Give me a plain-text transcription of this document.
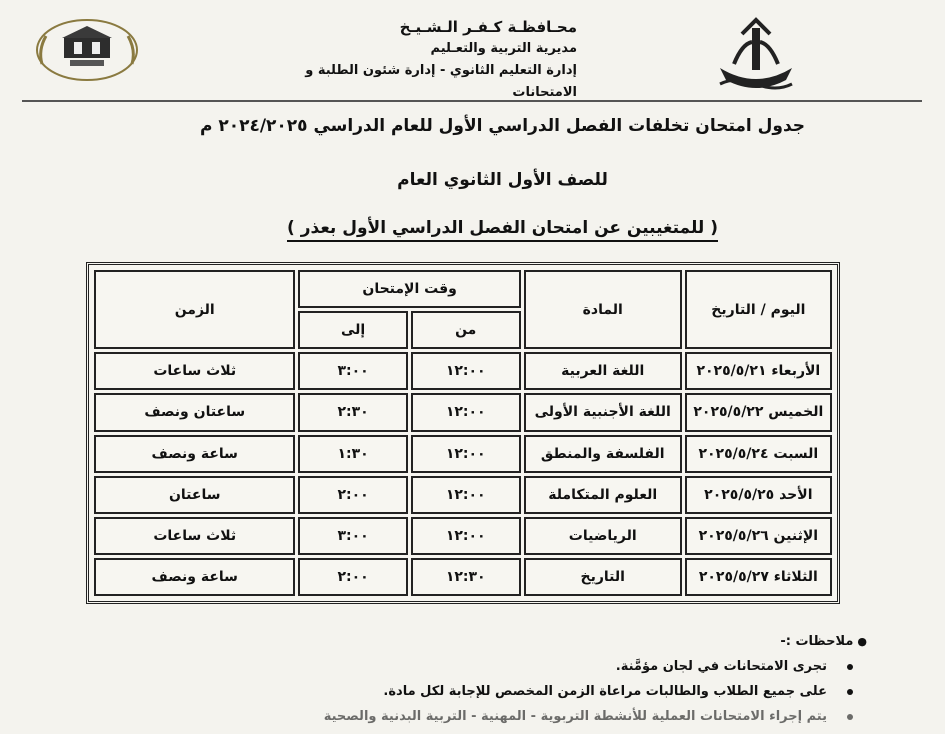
محـافظـة كـفـر الـشـيـخ
مديرية التربية والتعـليم
إدارة التعليم الثانوي - إدارة شئون الطلبة و الامتحانات
جدول امتحان تخلفات الفصل الدراسي الأول للعام الدراسي ٢٠٢٤/٢٠٢٥ م
للصف الأول الثانوي العام
( للمتغيبين عن امتحان الفصل الدراسي الأول بعذر )
اليوم / التاريخ	المادة	وقت الإمتحان		الزمن
		من	إلى	
الأربعاء ٢٠٢٥/٥/٢١	اللغة العربية	١٢:٠٠	٣:٠٠	ثلاث ساعات
الخميس ٢٠٢٥/٥/٢٢	اللغة الأجنبية الأولى	١٢:٠٠	٢:٣٠	ساعتان ونصف
السبت ٢٠٢٥/٥/٢٤	الفلسفة والمنطق	١٢:٠٠	١:٣٠	ساعة ونصف
الأحد ٢٠٢٥/٥/٢٥	العلوم المتكاملة	١٢:٠٠	٢:٠٠	ساعتان
الإثنين ٢٠٢٥/٥/٢٦	الرياضيات	١٢:٠٠	٣:٠٠	ثلاث ساعات
الثلاثاء ٢٠٢٥/٥/٢٧	التاريخ	١٢:٣٠	٢:٠٠	ساعة ونصف
● ملاحظات :-
تجرى الامتحانات في لجان مؤمَّنة.
على جميع الطلاب والطالبات مراعاة الزمن المخصص للإجابة لكل مادة.
يتم إجراء الامتحانات العملية للأنشطة التربوية - المهنية - التربية البدنية والصحية
